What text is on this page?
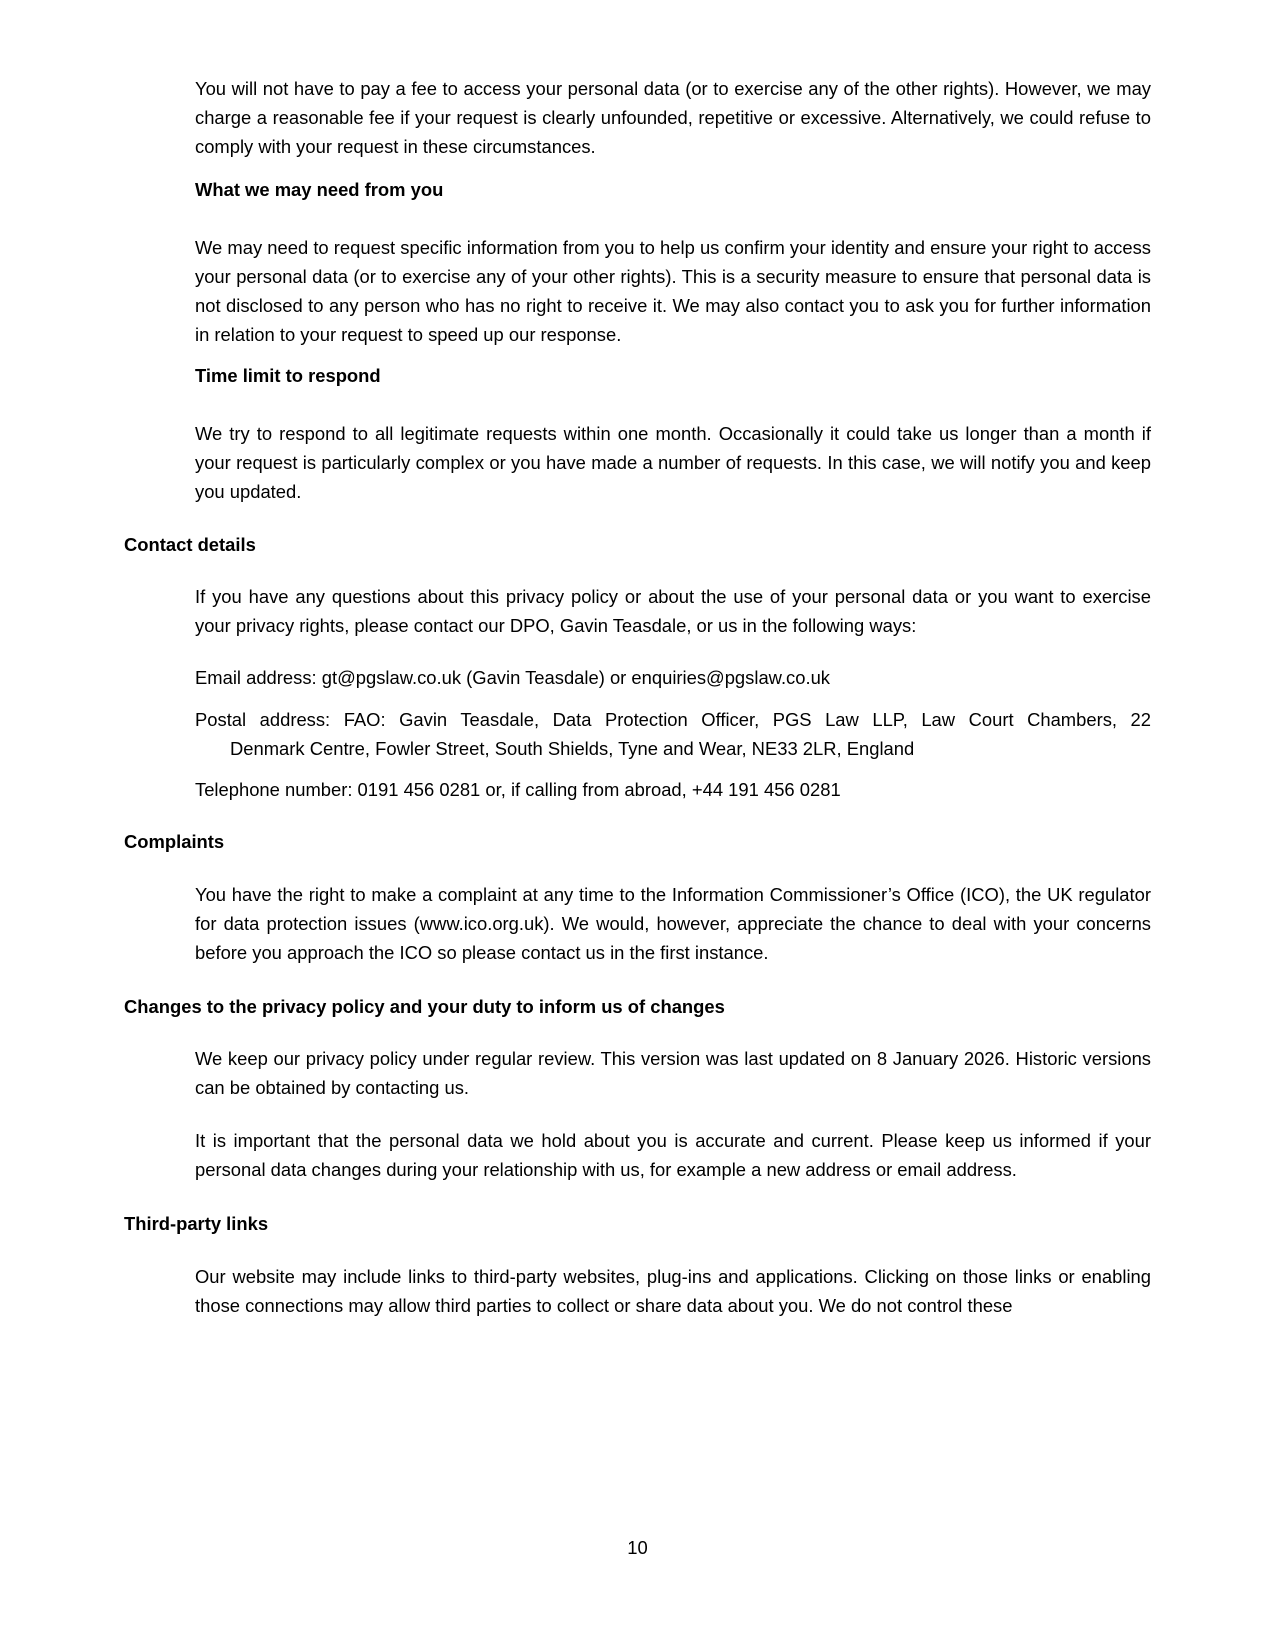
You will not have to pay a fee to access your personal data (or to exercise any of the other rights). However, we may charge a reasonable fee if your request is clearly unfounded, repetitive or excessive. Alternatively, we could refuse to comply with your request in these circumstances.

What we may need from you

We may need to request specific information from you to help us confirm your identity and ensure your right to access your personal data (or to exercise any of your other rights). This is a security measure to ensure that personal data is not disclosed to any person who has no right to receive it. We may also contact you to ask you for further information in relation to your request to speed up our response.

Time limit to respond

We try to respond to all legitimate requests within one month. Occasionally it could take us longer than a month if your request is particularly complex or you have made a number of requests. In this case, we will notify you and keep you updated.

Contact details

If you have any questions about this privacy policy or about the use of your personal data or you want to exercise your privacy rights, please contact our DPO, Gavin Teasdale, or us in the following ways:

Email address: gt@pgslaw.co.uk (Gavin Teasdale) or enquiries@pgslaw.co.uk

Postal address: FAO: Gavin Teasdale, Data Protection Officer, PGS Law LLP, Law Court Chambers, 22
Denmark Centre, Fowler Street, South Shields, Tyne and Wear, NE33 2LR, England

Telephone number: 0191 456 0281 or, if calling from abroad, +44 191 456 0281

Complaints

You have the right to make a complaint at any time to the Information Commissioner’s Office (ICO), the UK regulator for data protection issues (www.ico.org.uk). We would, however, appreciate the chance to deal with your concerns before you approach the ICO so please contact us in the first instance.

Changes to the privacy policy and your duty to inform us of changes

We keep our privacy policy under regular review. This version was last updated on 8 January 2026. Historic versions can be obtained by contacting us.

It is important that the personal data we hold about you is accurate and current. Please keep us informed if your personal data changes during your relationship with us, for example a new address or email address.

Third-party links

Our website may include links to third-party websites, plug-ins and applications. Clicking on those links or enabling those connections may allow third parties to collect or share data about you. We do not control these

10
